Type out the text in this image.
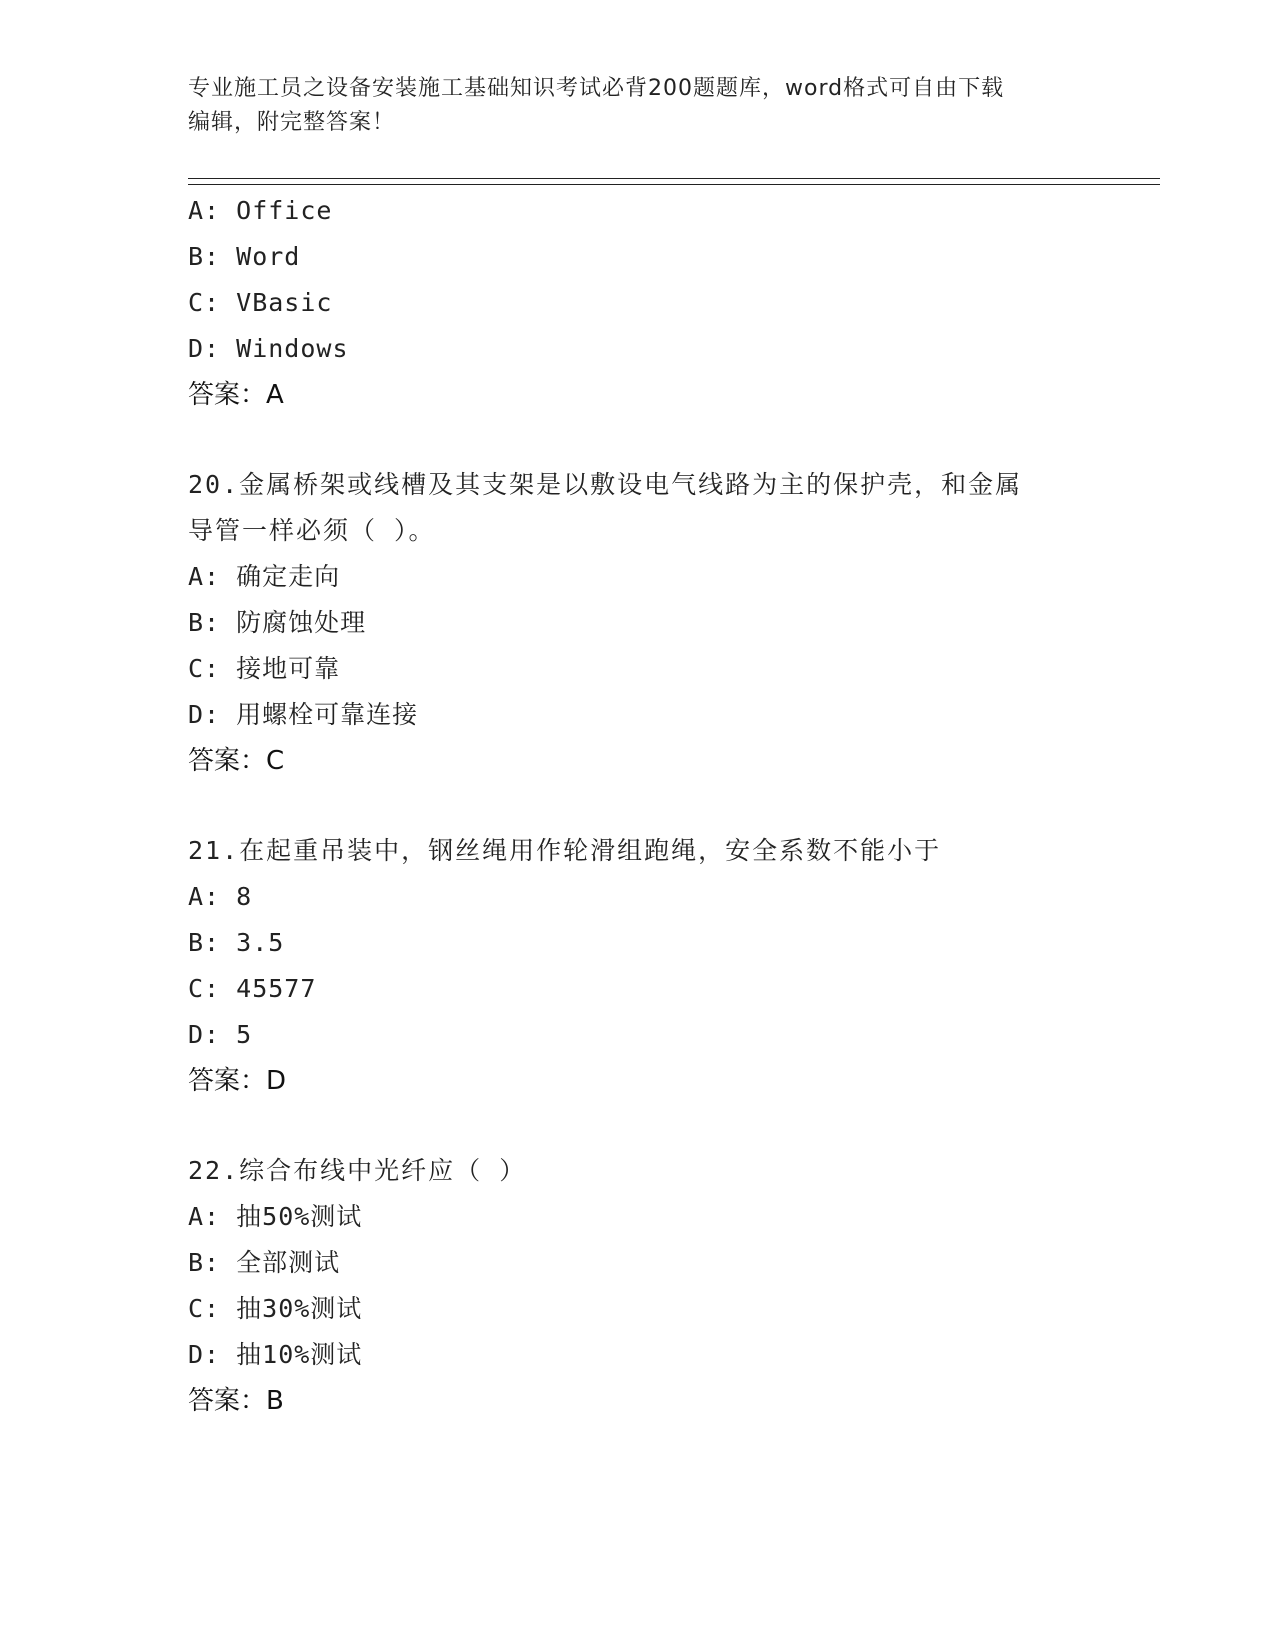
专业施工员之设备安装施工基础知识考试必背200题题库，word格式可自由下载
编辑，附完整答案！
A: Office
B: Word
C: VBasic
D: Windows
答案：A
20.金属桥架或线槽及其支架是以敷设电气线路为主的保护壳，和金属
导管一样必须（ ）。
A: 确定走向
B: 防腐蚀处理
C: 接地可靠
D: 用螺栓可靠连接
答案：C
21.在起重吊装中，钢丝绳用作轮滑组跑绳，安全系数不能小于
A: 8
B: 3.5
C: 45577
D: 5
答案：D
22.综合布线中光纤应（ ）
A: 抽50%测试
B: 全部测试
C: 抽30%测试
D: 抽10%测试
答案：B
